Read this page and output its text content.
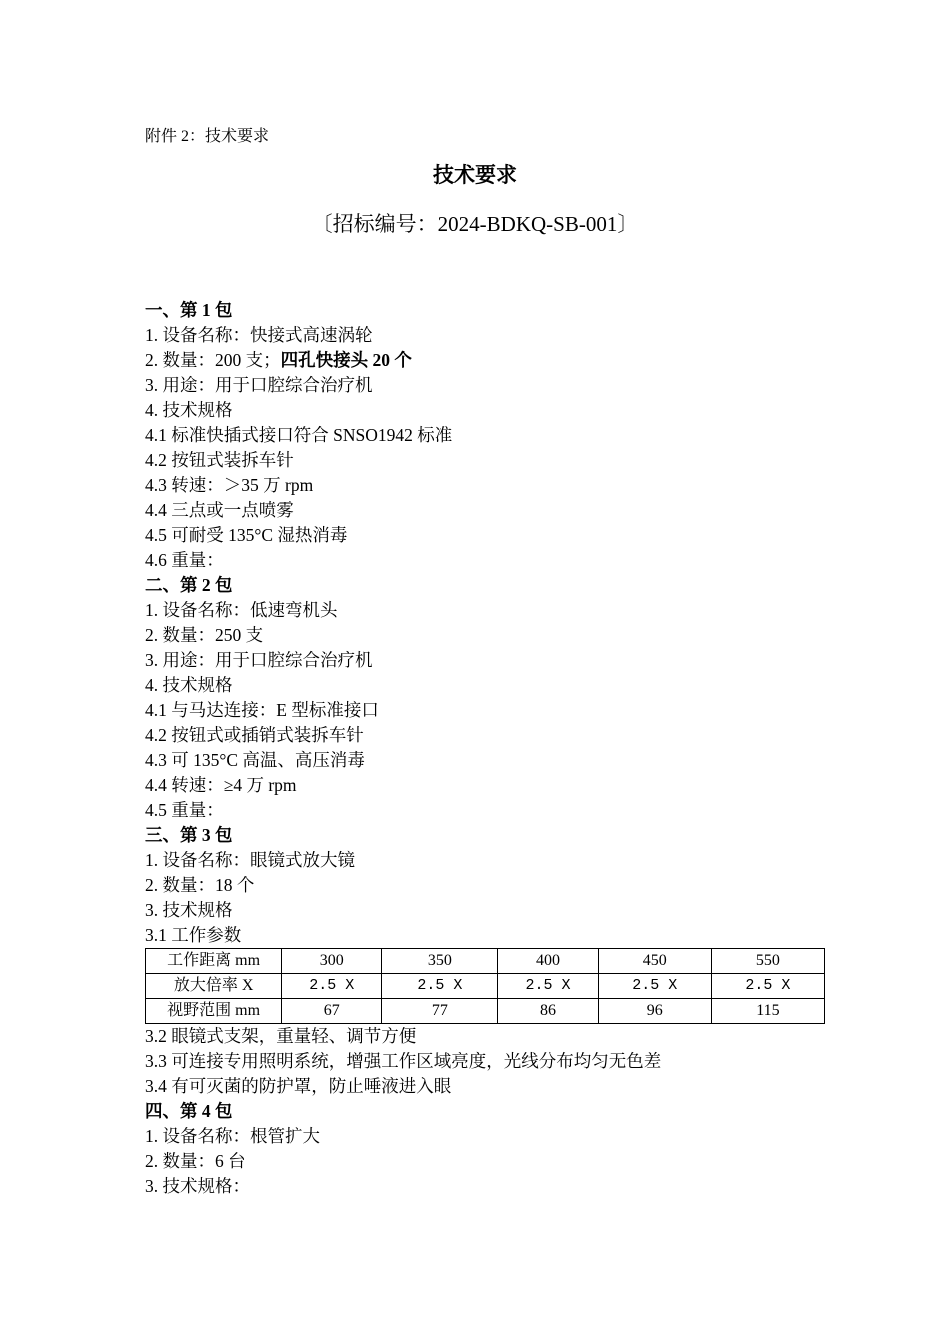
附件 2：技术要求
技术要求
〔招标编号：2024-BDKQ-SB-001〕
一、第 1 包
1. 设备名称：快接式高速涡轮
2. 数量：200 支；四孔快接头 20 个
3. 用途：用于口腔综合治疗机
4. 技术规格
4.1 标准快插式接口符合 SNSO1942 标准
4.2 按钮式装拆车针
4.3 转速：＞35 万 rpm
4.4 三点或一点喷雾
4.5 可耐受 135°C 湿热消毒
4.6 重量：
二、第 2 包
1. 设备名称：低速弯机头
2. 数量：250 支
3. 用途：用于口腔综合治疗机
4. 技术规格
4.1 与马达连接：E 型标准接口
4.2 按钮式或插销式装拆车针
4.3 可 135°C 高温、高压消毒
4.4 转速：≥4 万 rpm
4.5 重量：
三、第 3 包
1. 设备名称：眼镜式放大镜
2. 数量：18 个
3. 技术规格
3.1 工作参数
工作距离 mm	300	350	400	450	550
放大倍率 X	2.5 X	2.5 X	2.5 X	2.5 X	2.5 X
视野范围 mm	67	77	86	96	115
3.2 眼镜式支架，重量轻、调节方便
3.3 可连接专用照明系统，增强工作区域亮度，光线分布均匀无色差
3.4 有可灭菌的防护罩，防止唾液进入眼
四、第 4 包
1. 设备名称：根管扩大
2. 数量：6 台
3. 技术规格：
